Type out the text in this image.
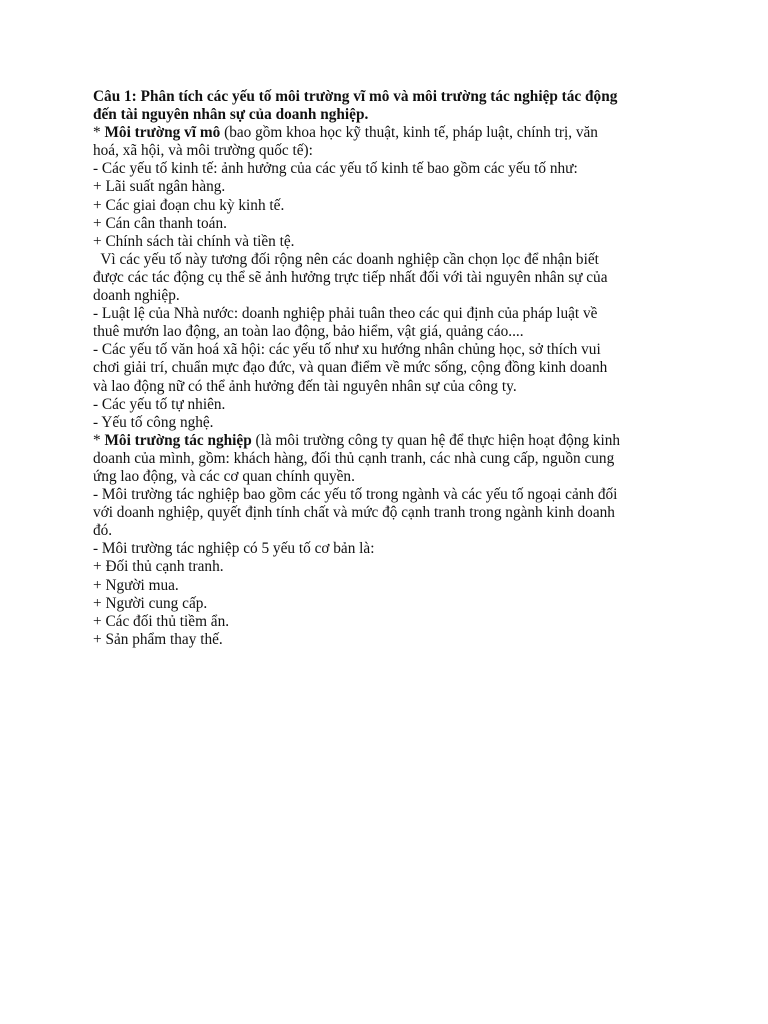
Câu 1: Phân tích các yếu tố môi trường vĩ mô và môi trường tác nghiệp tác động
đến tài nguyên nhân sự của doanh nghiệp.
* Môi trường vĩ mô (bao gồm khoa học kỹ thuật, kinh tế, pháp luật, chính trị, văn
hoá, xã hội, và môi trường quốc tế):
- Các yếu tố kinh tế: ảnh hưởng của các yếu tố kinh tế bao gồm các yếu tố như:
+ Lãi suất ngân hàng.
+ Các giai đoạn chu kỳ kinh tế.
+ Cán cân thanh toán.
+ Chính sách tài chính và tiền tệ.
Vì các yếu tố này tương đối rộng nên các doanh nghiệp cần chọn lọc để nhận biết
được các tác động cụ thể sẽ ảnh hưởng trực tiếp nhất đối với tài nguyên nhân sự của
doanh nghiệp.
- Luật lệ của Nhà nước: doanh nghiệp phải tuân theo các qui định của pháp luật về
thuê mướn lao động, an toàn lao động, bảo hiểm, vật giá, quảng cáo....
- Các yếu tố văn hoá xã hội: các yếu tố như xu hướng nhân chủng học, sở thích vui
chơi giải trí, chuẩn mực đạo đức, và quan điểm về mức sống, cộng đồng kinh doanh
và lao động nữ có thể ảnh hưởng đến tài nguyên nhân sự của công ty.
- Các yếu tố tự nhiên.
- Yếu tố công nghệ.
* Môi trường tác nghiệp (là môi trường công ty quan hệ để thực hiện hoạt động kinh
doanh của mình, gồm: khách hàng, đối thủ cạnh tranh, các nhà cung cấp, nguồn cung
ứng lao động, và các cơ quan chính quyền.
- Môi trường tác nghiệp bao gồm các yếu tố trong ngành và các yếu tố ngoại cảnh đối
với doanh nghiệp, quyết định tính chất và mức độ cạnh tranh trong ngành kinh doanh
đó.
- Môi trường tác nghiệp có 5 yếu tố cơ bản là:
+ Đối thủ cạnh tranh.
+ Người mua.
+ Người cung cấp.
+ Các đối thủ tiềm ẩn.
+ Sản phẩm thay thế.
